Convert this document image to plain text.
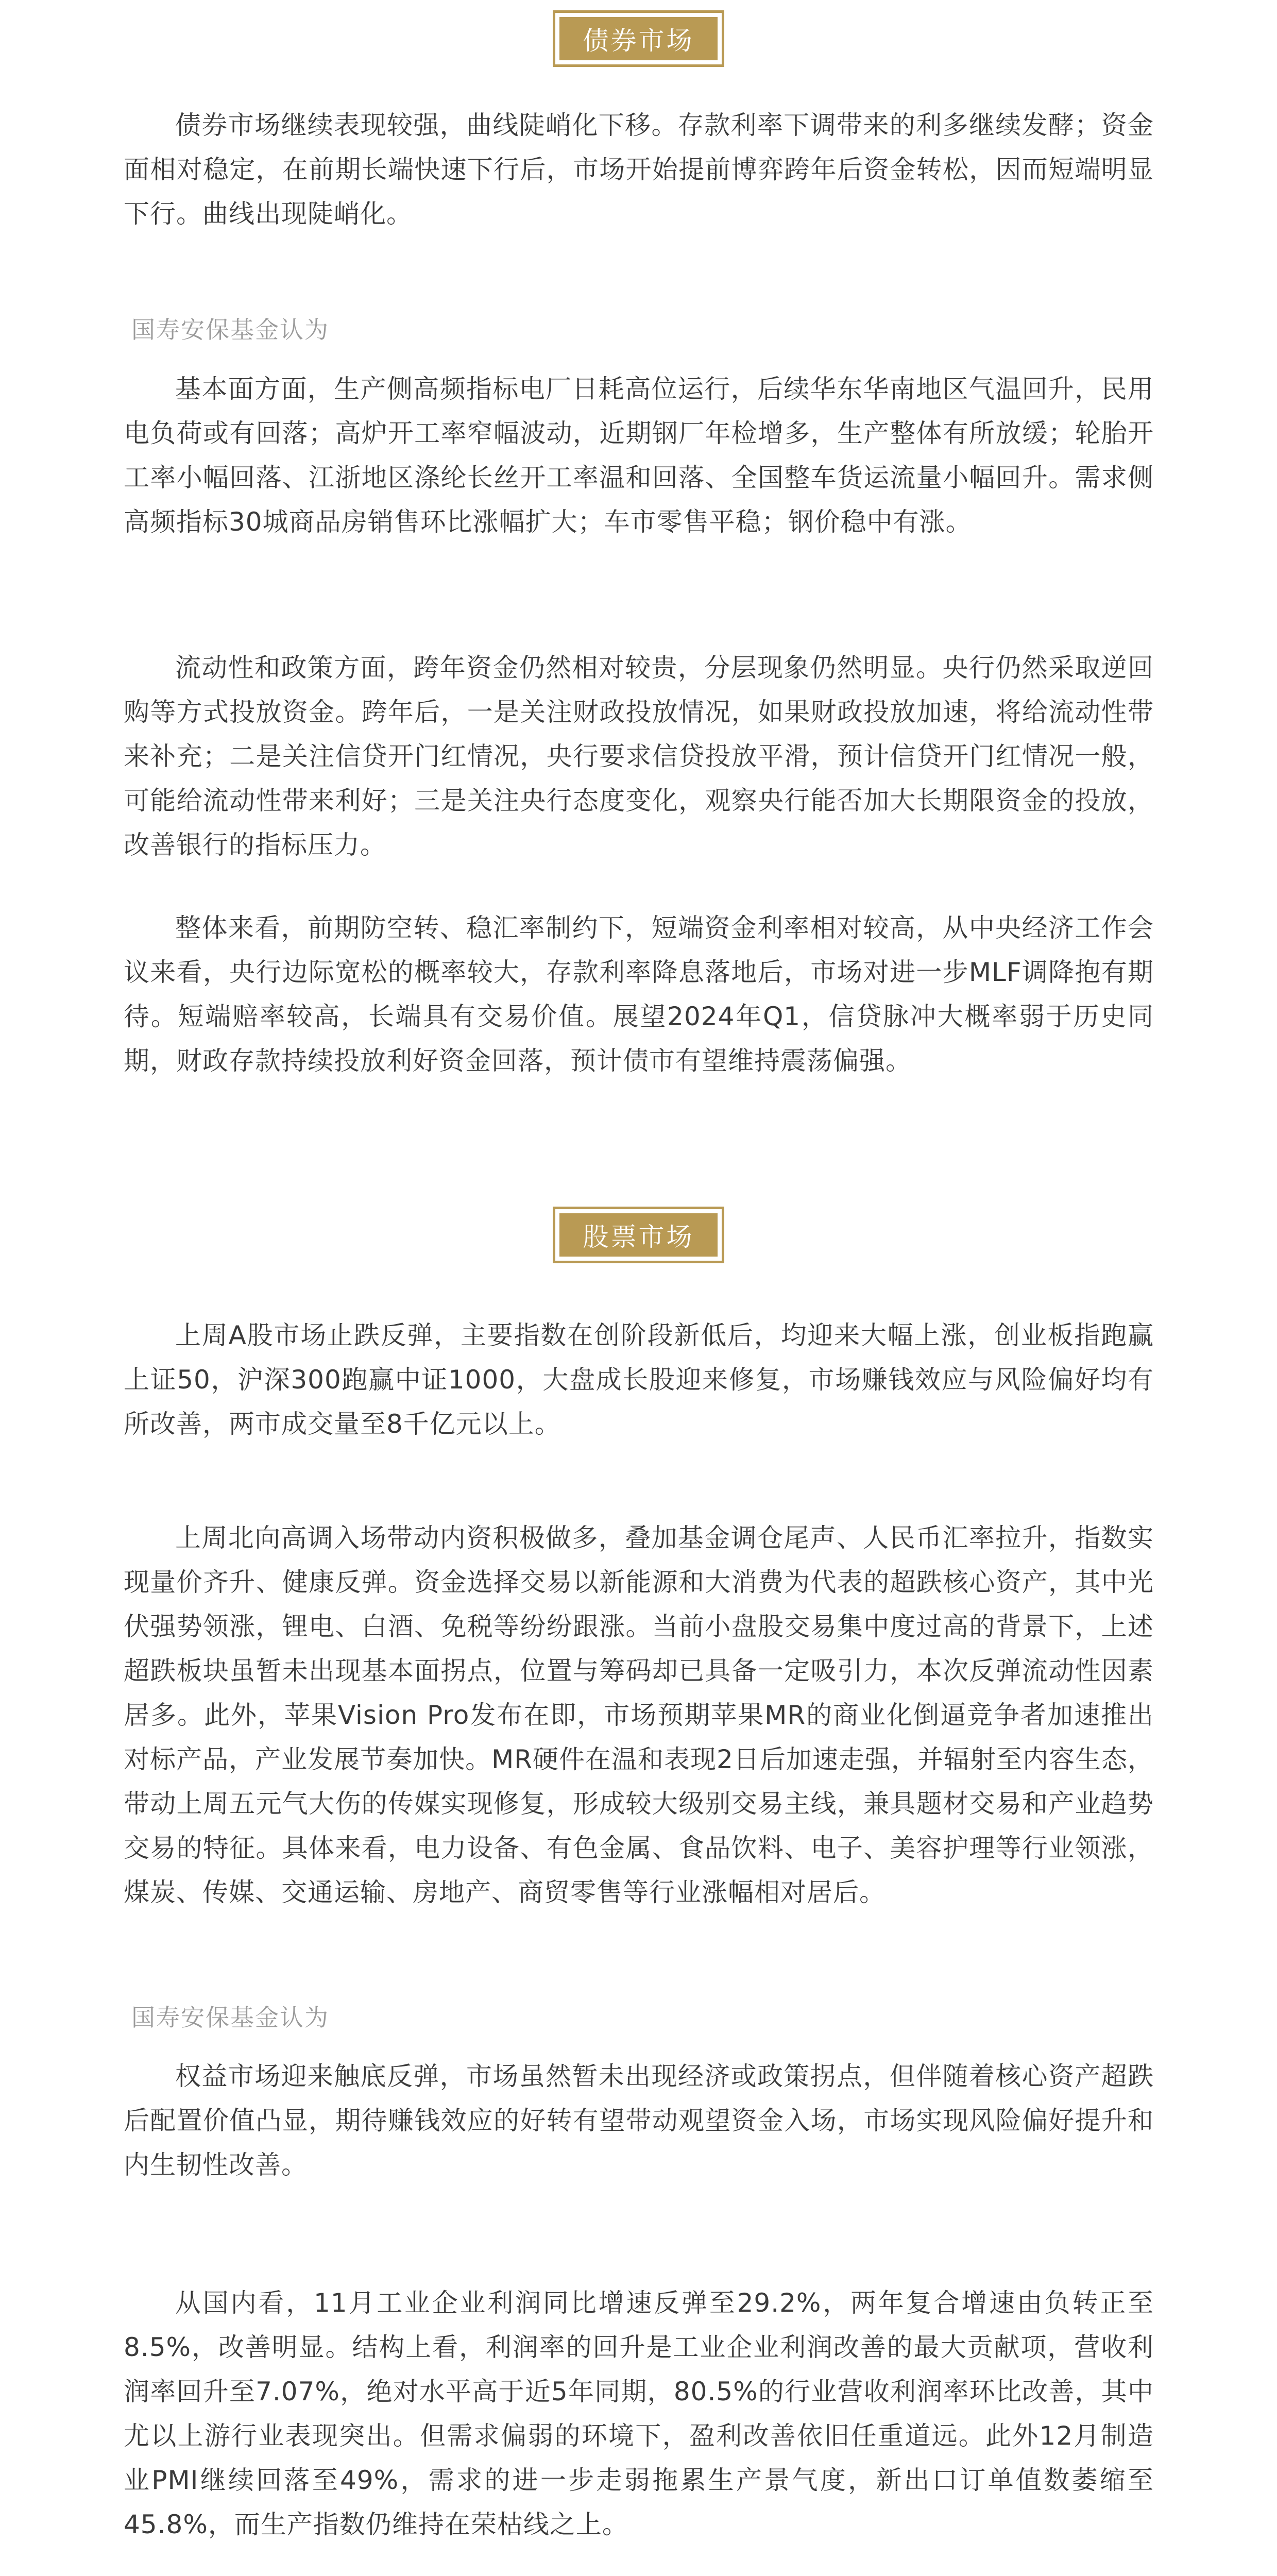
债券市场

债券市场继续表现较强，曲线陡峭化下移。存款利率下调带来的利多继续发酵；资金面相对稳定，在前期长端快速下行后，市场开始提前博弈跨年后资金转松，因而短端明显下行。曲线出现陡峭化。

国寿安保基金认为

基本面方面，生产侧高频指标电厂日耗高位运行，后续华东华南地区气温回升，民用电负荷或有回落；高炉开工率窄幅波动，近期钢厂年检增多，生产整体有所放缓；轮胎开工率小幅回落、江浙地区涤纶长丝开工率温和回落、全国整车货运流量小幅回升。需求侧高频指标30城商品房销售环比涨幅扩大；车市零售平稳；钢价稳中有涨。

流动性和政策方面，跨年资金仍然相对较贵，分层现象仍然明显。央行仍然采取逆回购等方式投放资金。跨年后，一是关注财政投放情况，如果财政投放加速，将给流动性带来补充；二是关注信贷开门红情况，央行要求信贷投放平滑，预计信贷开门红情况一般，可能给流动性带来利好；三是关注央行态度变化，观察央行能否加大长期限资金的投放，改善银行的指标压力。

整体来看，前期防空转、稳汇率制约下，短端资金利率相对较高，从中央经济工作会议来看，央行边际宽松的概率较大，存款利率降息落地后，市场对进一步MLF调降抱有期待。短端赔率较高，长端具有交易价值。展望2024年Q1，信贷脉冲大概率弱于历史同期，财政存款持续投放利好资金回落，预计债市有望维持震荡偏强。

股票市场

上周A股市场止跌反弹，主要指数在创阶段新低后，均迎来大幅上涨，创业板指跑赢上证50，沪深300跑赢中证1000，大盘成长股迎来修复，市场赚钱效应与风险偏好均有所改善，两市成交量至8千亿元以上。

上周北向高调入场带动内资积极做多，叠加基金调仓尾声、人民币汇率拉升，指数实现量价齐升、健康反弹。资金选择交易以新能源和大消费为代表的超跌核心资产，其中光伏强势领涨，锂电、白酒、免税等纷纷跟涨。当前小盘股交易集中度过高的背景下，上述超跌板块虽暂未出现基本面拐点，位置与筹码却已具备一定吸引力，本次反弹流动性因素居多。此外，苹果Vision Pro发布在即，市场预期苹果MR的商业化倒逼竞争者加速推出对标产品，产业发展节奏加快。MR硬件在温和表现2日后加速走强，并辐射至内容生态，带动上周五元气大伤的传媒实现修复，形成较大级别交易主线，兼具题材交易和产业趋势交易的特征。具体来看，电力设备、有色金属、食品饮料、电子、美容护理等行业领涨，煤炭、传媒、交通运输、房地产、商贸零售等行业涨幅相对居后。

国寿安保基金认为

权益市场迎来触底反弹，市场虽然暂未出现经济或政策拐点，但伴随着核心资产超跌后配置价值凸显，期待赚钱效应的好转有望带动观望资金入场，市场实现风险偏好提升和内生韧性改善。

从国内看，11月工业企业利润同比增速反弹至29.2%，两年复合增速由负转正至8.5%，改善明显。结构上看，利润率的回升是工业企业利润改善的最大贡献项，营收利润率回升至7.07%，绝对水平高于近5年同期，80.5%的行业营收利润率环比改善，其中尤以上游行业表现突出。但需求偏弱的环境下，盈利改善依旧任重道远。此外12月制造业PMI继续回落至49%，需求的进一步走弱拖累生产景气度，新出口订单值数萎缩至45.8%，而生产指数仍维持在荣枯线之上。
